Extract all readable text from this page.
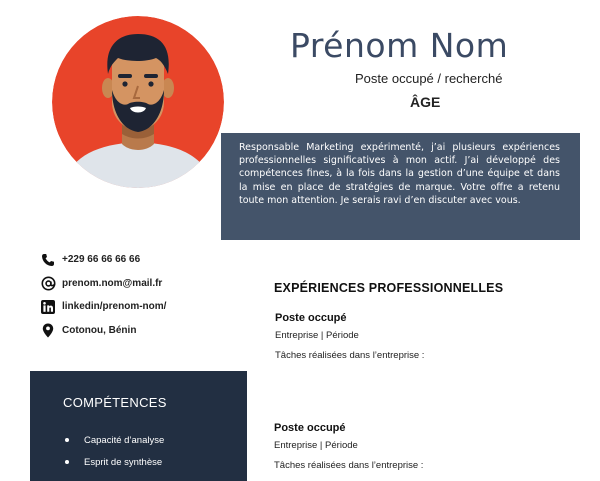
Prénom Nom
Poste occupé / recherché
ÂGE

Responsable Marketing expérimenté, j’ai plusieurs expériences professionnelles significatives à mon actif. J’ai développé des compétences fines, à la fois dans la gestion d’une équipe et dans la mise en place de stratégies de marque. Votre offre a retenu toute mon attention. Je serais ravi d’en discuter avec vous.

+229 66 66 66 66
prenom.nom@mail.fr
linkedin/prenom-nom/
Cotonou, Bénin

COMPÉTENCES

Capacité d’analyse
Esprit de synthèse
EXPÉRIENCES PROFESSIONNELLES

Poste occupé

Entreprise | Période

Tâches réalisées dans l’entreprise :

Poste occupé

Entreprise | Période

Tâches réalisées dans l’entreprise :
